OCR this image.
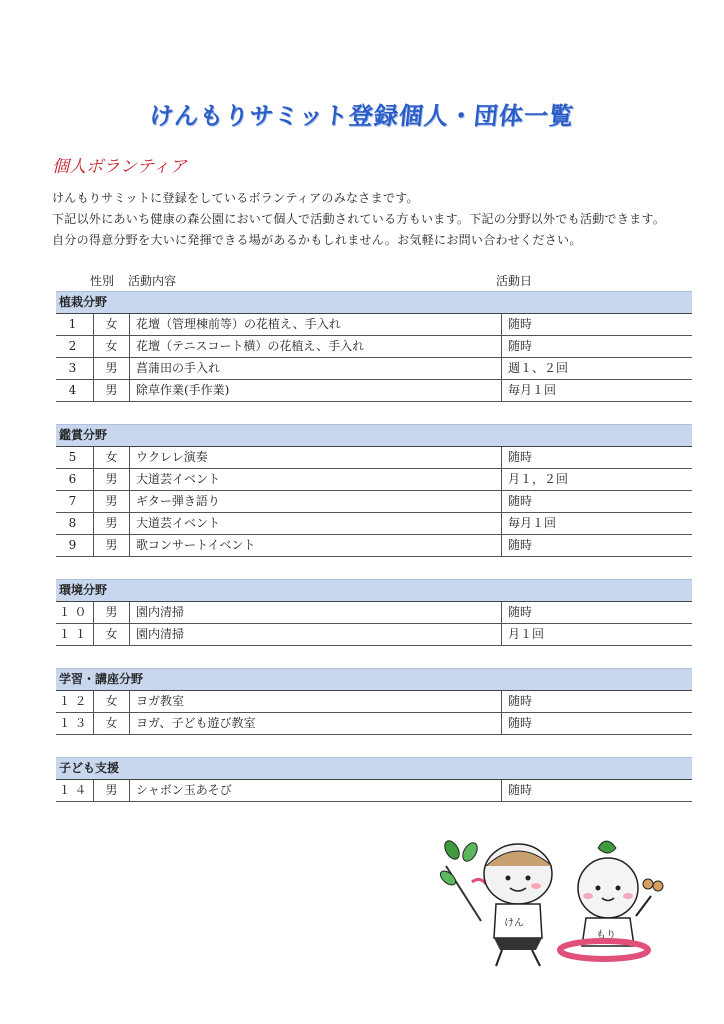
けんもりサミット登録個人・団体一覧
個人ボランティア
けんもりサミットに登録をしているボランティアのみなさまです。
下記以外にあいち健康の森公園において個人で活動されている方もいます。下記の分野以外でも活動できます。
自分の得意分野を大いに発揮できる場があるかもしれません。お気軽にお問い合わせください。
性別 活動内容	活動日
植栽分野
1	女	花壇（管理棟前等）の花植え、手入れ	随時
2	女	花壇（テニスコート横）の花植え、手入れ	随時
3	男	菖蒲田の手入れ	週１、２回
4	男	除草作業(手作業)	毎月１回
鑑賞分野
5	女	ウクレレ演奏	随時
6	男	大道芸イベント	月１，２回
7	男	ギター弾き語り	随時
8	男	大道芸イベント	毎月１回
9	男	歌コンサートイベント	随時
環境分野
１０	男	園内清掃	随時
１１	女	園内清掃	月１回
学習・講座分野
１２	女	ヨガ教室	随時
１３	女	ヨガ、子ども遊び教室	随時
子ども支援
１４	男	シャボン玉あそび	随時
けん
もり
